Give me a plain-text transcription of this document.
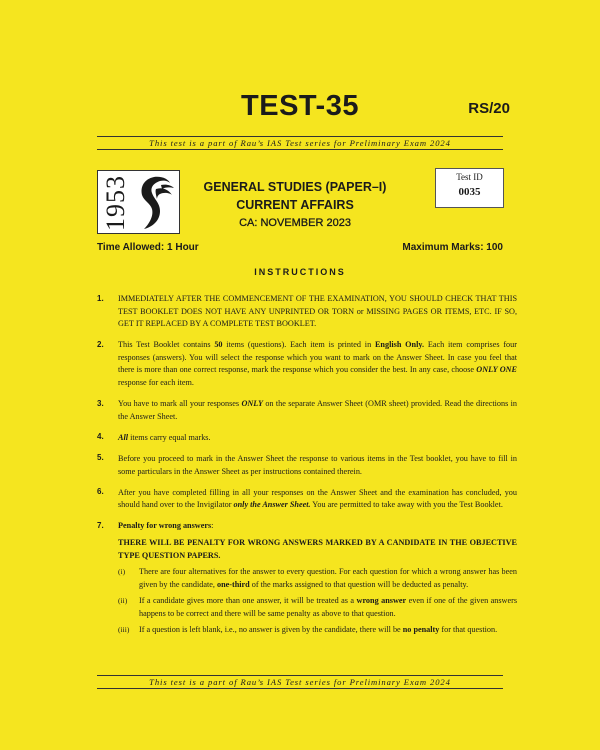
TEST-35	RS/20
This test is a part of Rau’s IAS Test series for Preliminary Exam 2024
1953	GENERAL STUDIES (PAPER–I)
CURRENT AFFAIRS
CA: NOVEMBER 2023
Test ID
0035
Time Allowed: 1 Hour	Maximum Marks: 100
INSTRUCTIONS
1.	IMMEDIATELY AFTER THE COMMENCEMENT OF THE EXAMINATION, YOU SHOULD CHECK THAT THIS TEST BOOKLET DOES NOT HAVE ANY UNPRINTED OR TORN or MISSING PAGES OR ITEMS, ETC. IF SO, GET IT REPLACED BY A COMPLETE TEST BOOKLET.
2.	This Test Booklet contains 50 items (questions). Each item is printed in English Only. Each item comprises four responses (answers). You will select the response which you want to mark on the Answer Sheet. In case you feel that there is more than one correct response, mark the response which you consider the best. In any case, choose ONLY ONE response for each item.
3.	You have to mark all your responses ONLY on the separate Answer Sheet (OMR sheet) provided. Read the directions in the Answer Sheet.
4.	All items carry equal marks.
5.	Before you proceed to mark in the Answer Sheet the response to various items in the Test booklet, you have to fill in some particulars in the Answer Sheet as per instructions contained therein.
6.	After you have completed filling in all your responses on the Answer Sheet and the examination has concluded, you should hand over to the Invigilator only the Answer Sheet. You are permitted to take away with you the Test Booklet.
7.	Penalty for wrong answers:
THERE WILL BE PENALTY FOR WRONG ANSWERS MARKED BY A CANDIDATE IN THE OBJECTIVE TYPE QUESTION PAPERS.
(i)	There are four alternatives for the answer to every question. For each question for which a wrong answer has been given by the candidate, one-third of the marks assigned to that question will be deducted as penalty.
(ii)	If a candidate gives more than one answer, it will be treated as a wrong answer even if one of the given answers happens to be correct and there will be same penalty as above to that question.
(iii)	If a question is left blank, i.e., no answer is given by the candidate, there will be no penalty for that question.
This test is a part of Rau’s IAS Test series for Preliminary Exam 2024
